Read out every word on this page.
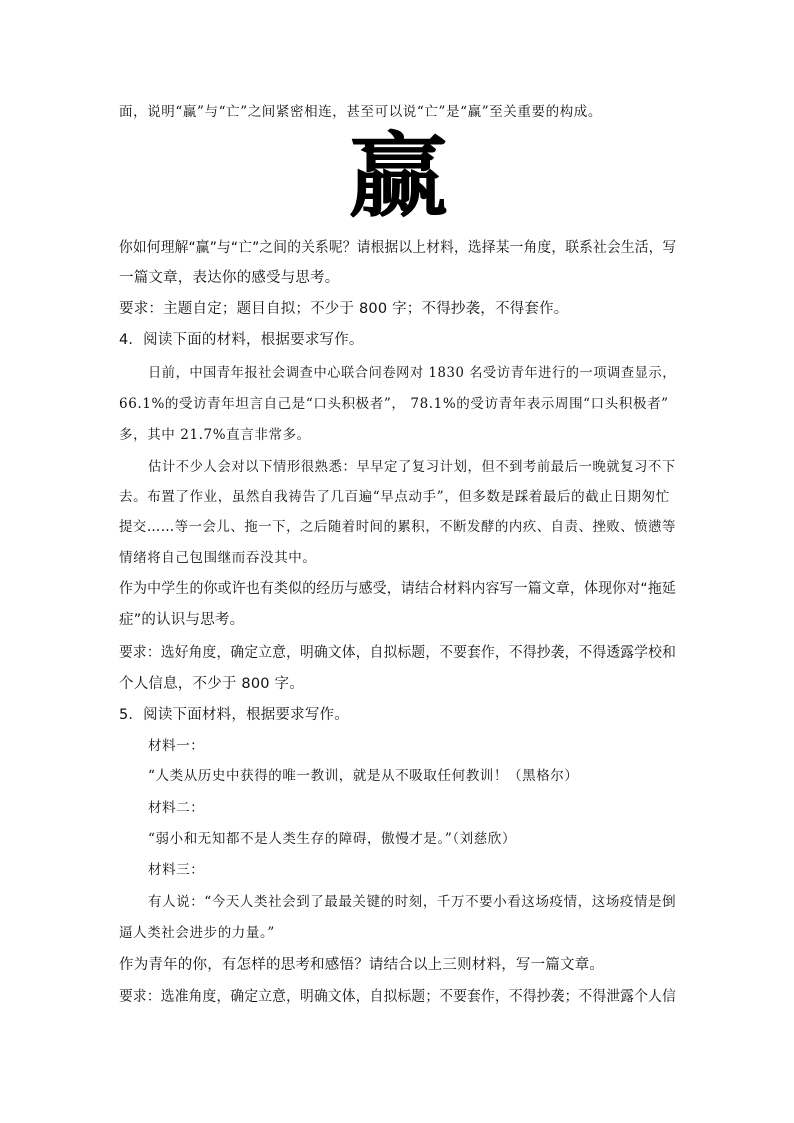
面，说明“赢”与“亡”之间紧密相连，甚至可以说“亡”是“赢”至关重要的构成。
赢
你如何理解“赢”与“亡”之间的关系呢？请根据以上材料，选择某一角度，联系社会生活，写
一篇文章，表达你的感受与思考。
要求：主题自定；题目自拟；不少于 800 字；不得抄袭，不得套作。
4．阅读下面的材料，根据要求写作。
日前，中国青年报社会调查中心联合问卷网对 1830 名受访青年进行的一项调查显示，
66.1%的受访青年坦言自己是“口头积极者”， 78.1%的受访青年表示周围“口头积极者”
多，其中 21.7%直言非常多。
估计不少人会对以下情形很熟悉：早早定了复习计划，但不到考前最后一晚就复习不下
去。布置了作业，虽然自我祷告了几百遍“早点动手”，但多数是踩着最后的截止日期匆忙
提交……等一会儿、拖一下，之后随着时间的累积，不断发酵的内疚、自责、挫败、愤懑等
情绪将自己包围继而吞没其中。
作为中学生的你或许也有类似的经历与感受，请结合材料内容写一篇文章，体现你对“拖延
症”的认识与思考。
要求：选好角度，确定立意，明确文体，自拟标题，不要套作，不得抄袭，不得透露学校和
个人信息，不少于 800 字。
5．阅读下面材料，根据要求写作。
材料一：
“人类从历史中获得的唯一教训，就是从不吸取任何教训！（黑格尔）
材料二：
“弱小和无知都不是人类生存的障碍，傲慢才是。”（刘慈欣）
材料三：
有人说：“今天人类社会到了最最关键的时刻，千万不要小看这场疫情，这场疫情是倒
逼人类社会进步的力量。”
作为青年的你，有怎样的思考和感悟？请结合以上三则材料，写一篇文章。
要求：选准角度，确定立意，明确文体，自拟标题；不要套作，不得抄袭；不得泄露个人信
